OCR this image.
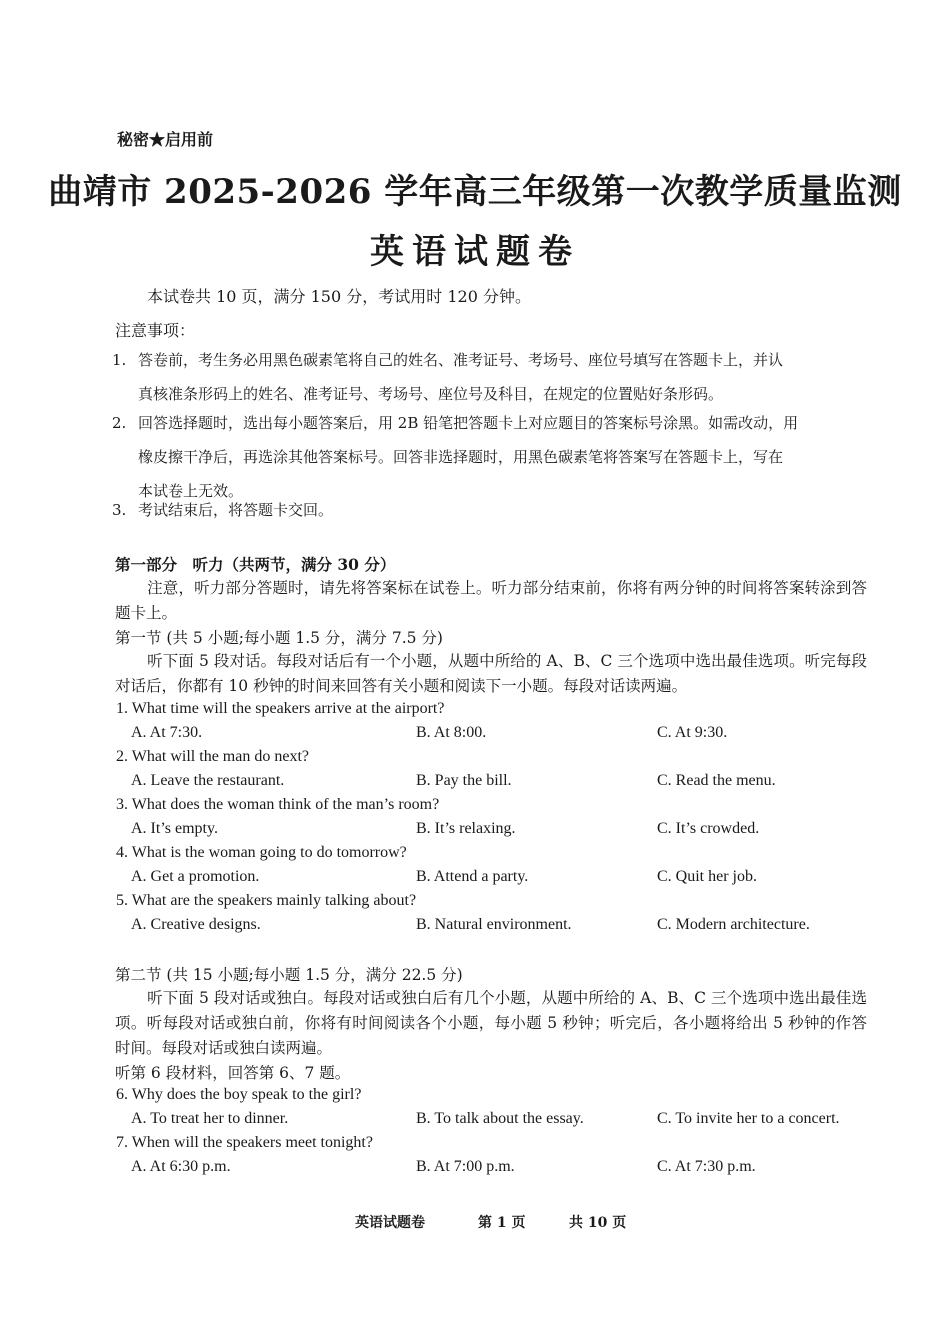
秘密★启用前
曲靖市 2025-2026 学年高三年级第一次教学质量监测
英语试题卷
本试卷共 10 页，满分 150 分，考试用时 120 分钟。
注意事项：
1. 答卷前，考生务必用黑色碳素笔将自己的姓名、准考证号、考场号、座位号填写在答题卡上，并认
真核准条形码上的姓名、准考证号、考场号、座位号及科目，在规定的位置贴好条形码。
2. 回答选择题时，选出每小题答案后，用 2B 铅笔把答题卡上对应题目的答案标号涂黑。如需改动，用
橡皮擦干净后，再选涂其他答案标号。回答非选择题时，用黑色碳素笔将答案写在答题卡上，写在
本试卷上无效。
3. 考试结束后，将答题卡交回。
第一部分　听力（共两节，满分 30 分）
注意，听力部分答题时，请先将答案标在试卷上。听力部分结束前，你将有两分钟的时间将答案转涂到答题卡上。
第一节 (共 5 小题;每小题 1.5 分，满分 7.5 分)
听下面 5 段对话。每段对话后有一个小题，从题中所给的 A、B、C 三个选项中选出最佳选项。听完每段对话后，你都有 10 秒钟的时间来回答有关小题和阅读下一小题。每段对话读两遍。
1. What time will the speakers arrive at the airport?
A. At 7:30.	B. At 8:00.	C. At 9:30.
2. What will the man do next?
A. Leave the restaurant.	B. Pay the bill.	C. Read the menu.
3. What does the woman think of the man’s room?
A. It’s empty.	B. It’s relaxing.	C. It’s crowded.
4. What is the woman going to do tomorrow?
A. Get a promotion.	B. Attend a party.	C. Quit her job.
5. What are the speakers mainly talking about?
A. Creative designs.	B. Natural environment.	C. Modern architecture.
第二节 (共 15 小题;每小题 1.5 分，满分 22.5 分)
听下面 5 段对话或独白。每段对话或独白后有几个小题，从题中所给的 A、B、C 三个选项中选出最佳选项。听每段对话或独白前，你将有时间阅读各个小题，每小题 5 秒钟；听完后，各小题将给出 5 秒钟的作答时间。每段对话或独白读两遍。
听第 6 段材料，回答第 6、7 题。
6. Why does the boy speak to the girl?
A. To treat her to dinner.	B. To talk about the essay.	C. To invite her to a concert.
7. When will the speakers meet tonight?
A. At 6:30 p.m.	B. At 7:00 p.m.	C. At 7:30 p.m.
英语试题卷	第 1 页	共 10 页
